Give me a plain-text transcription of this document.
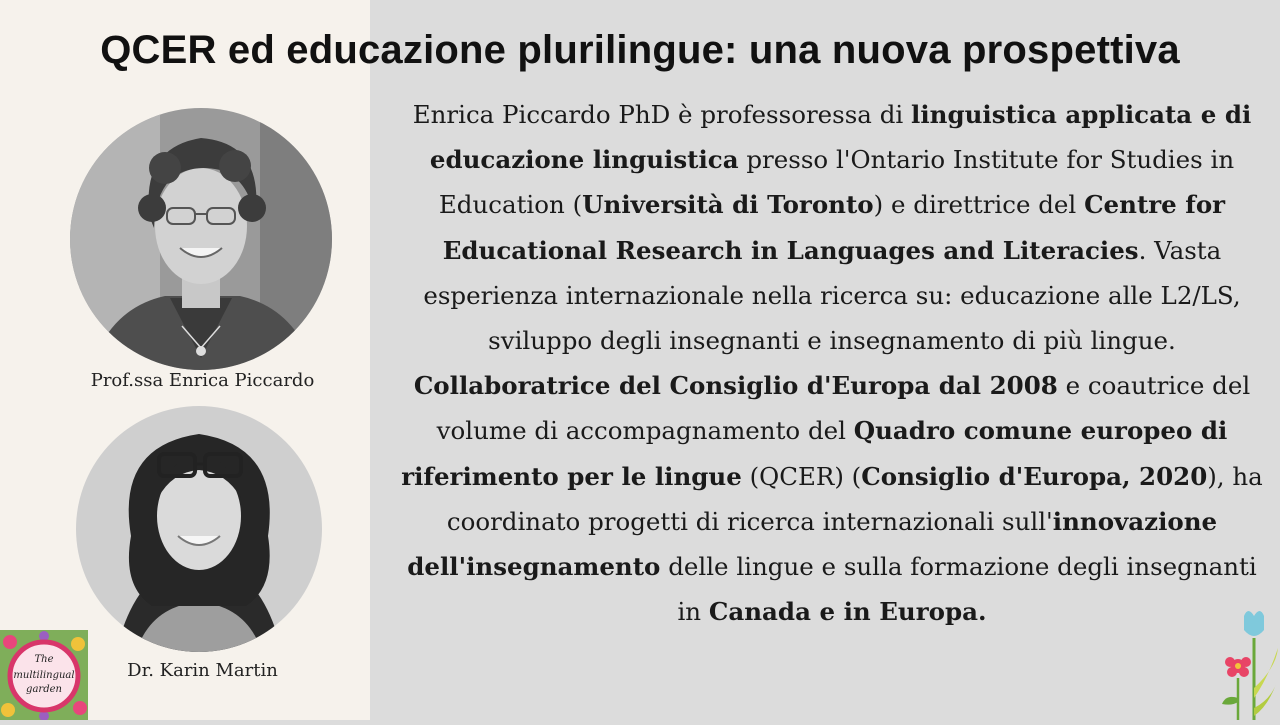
QCER ed educazione plurilingue: una nuova prospettiva
Prof.ssa Enrica Piccardo
Dr. Karin Martin
Enrica Piccardo PhD è professoressa di linguistica applicata e di educazione linguistica presso l'Ontario Institute for Studies in Education (Università di Toronto) e direttrice del Centre for Educational Research in Languages and Literacies. Vasta esperienza internazionale nella ricerca su: educazione alle L2/LS, sviluppo degli insegnanti e insegnamento di più lingue. Collaboratrice del Consiglio d'Europa dal 2008 e coautrice del volume di accompagnamento del Quadro comune europeo di riferimento per le lingue (QCER) (Consiglio d'Europa, 2020), ha coordinato progetti di ricerca internazionali sull'innovazione dell'insegnamento delle lingue e sulla formazione degli insegnanti in Canada e in Europa.
The
multilingual
garden
